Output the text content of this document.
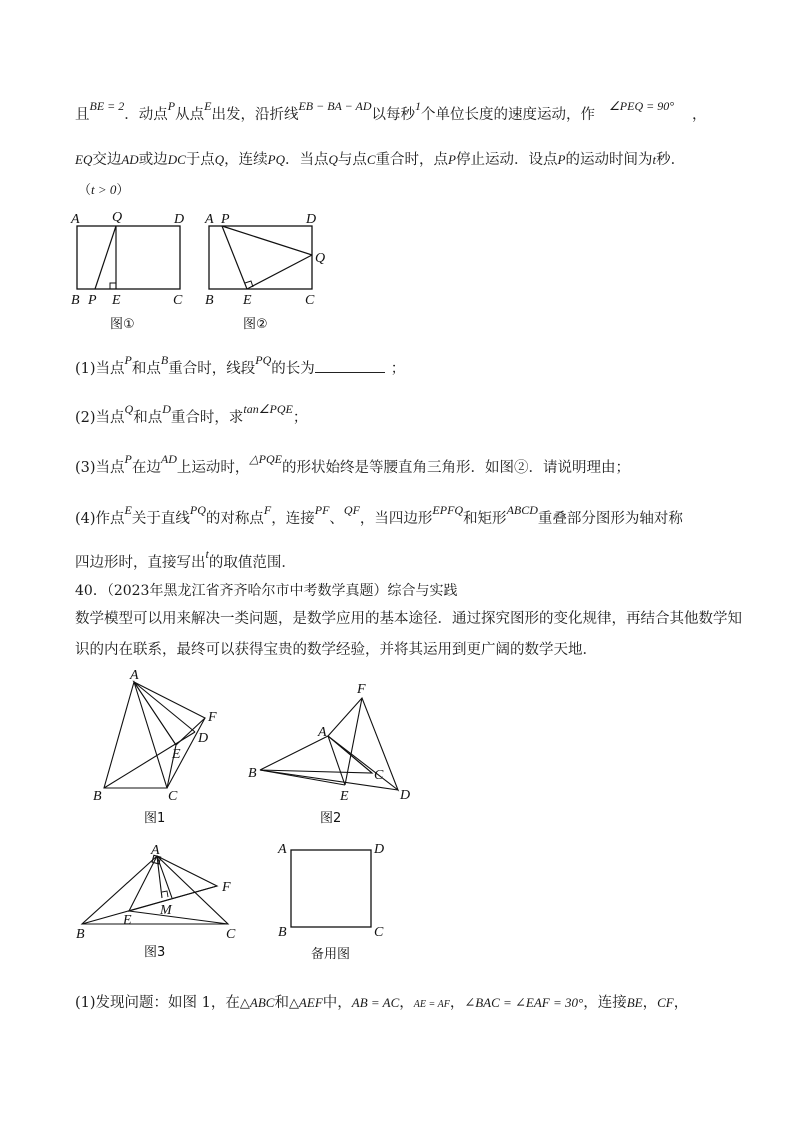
且$^{BE = 2}$．动点$^P$从点$^E$出发，沿折线$^{EB - BA - AD}$以每秒$^1$个单位长度的速度运动，作$^{\angle PEQ = 90^\circ}$，
EQ交边AD或边DC于点Q，连续PQ．当点Q与点C重合时，点P停止运动．设点P的运动时间为t秒．
（t > 0）
A Q	D
B P E	C
图①
A P	D
Q
B E	C
图②
(1)当点$^P$和点$^B$重合时，线段$^{PQ}$的长为	；
(2)当点$^Q$和点$^D$重合时，求$^{tan\angle PQE}$；
(3)当点$^P$在边$^{AD}$上运动时，$^{\triangle PQE}$的形状始终是等腰直角三角形．如图②．请说明理由；
(4)作点$^E$关于直线$^{PQ}$的对称点$^F$，连接$^{PF}$、$^{QF}$，当四边形$^{EPFQ}$和矩形$^{ABCD}$重叠部分图形为轴对称
四边形时，直接写出$^t$的取值范围．
40．（2023年黑龙江省齐齐哈尔市中考数学真题）综合与实践
数学模型可以用来解决一类问题，是数学应用的基本途径．通过探究图形的变化规律，再结合其他数学知
识的内在联系，最终可以获得宝贵的数学经验，并将其运用到更广阔的数学天地．
A
F
D
E
B	C
图1
F
A
B	C
E	D
图2
A
F
M
E
B	C
图3
A	D
B	C
备用图
(1)发现问题：如图 1，在△ABC和△AEF中，AB = AC，AE = AF，∠BAC = ∠EAF = 30°，连接BE，CF，
